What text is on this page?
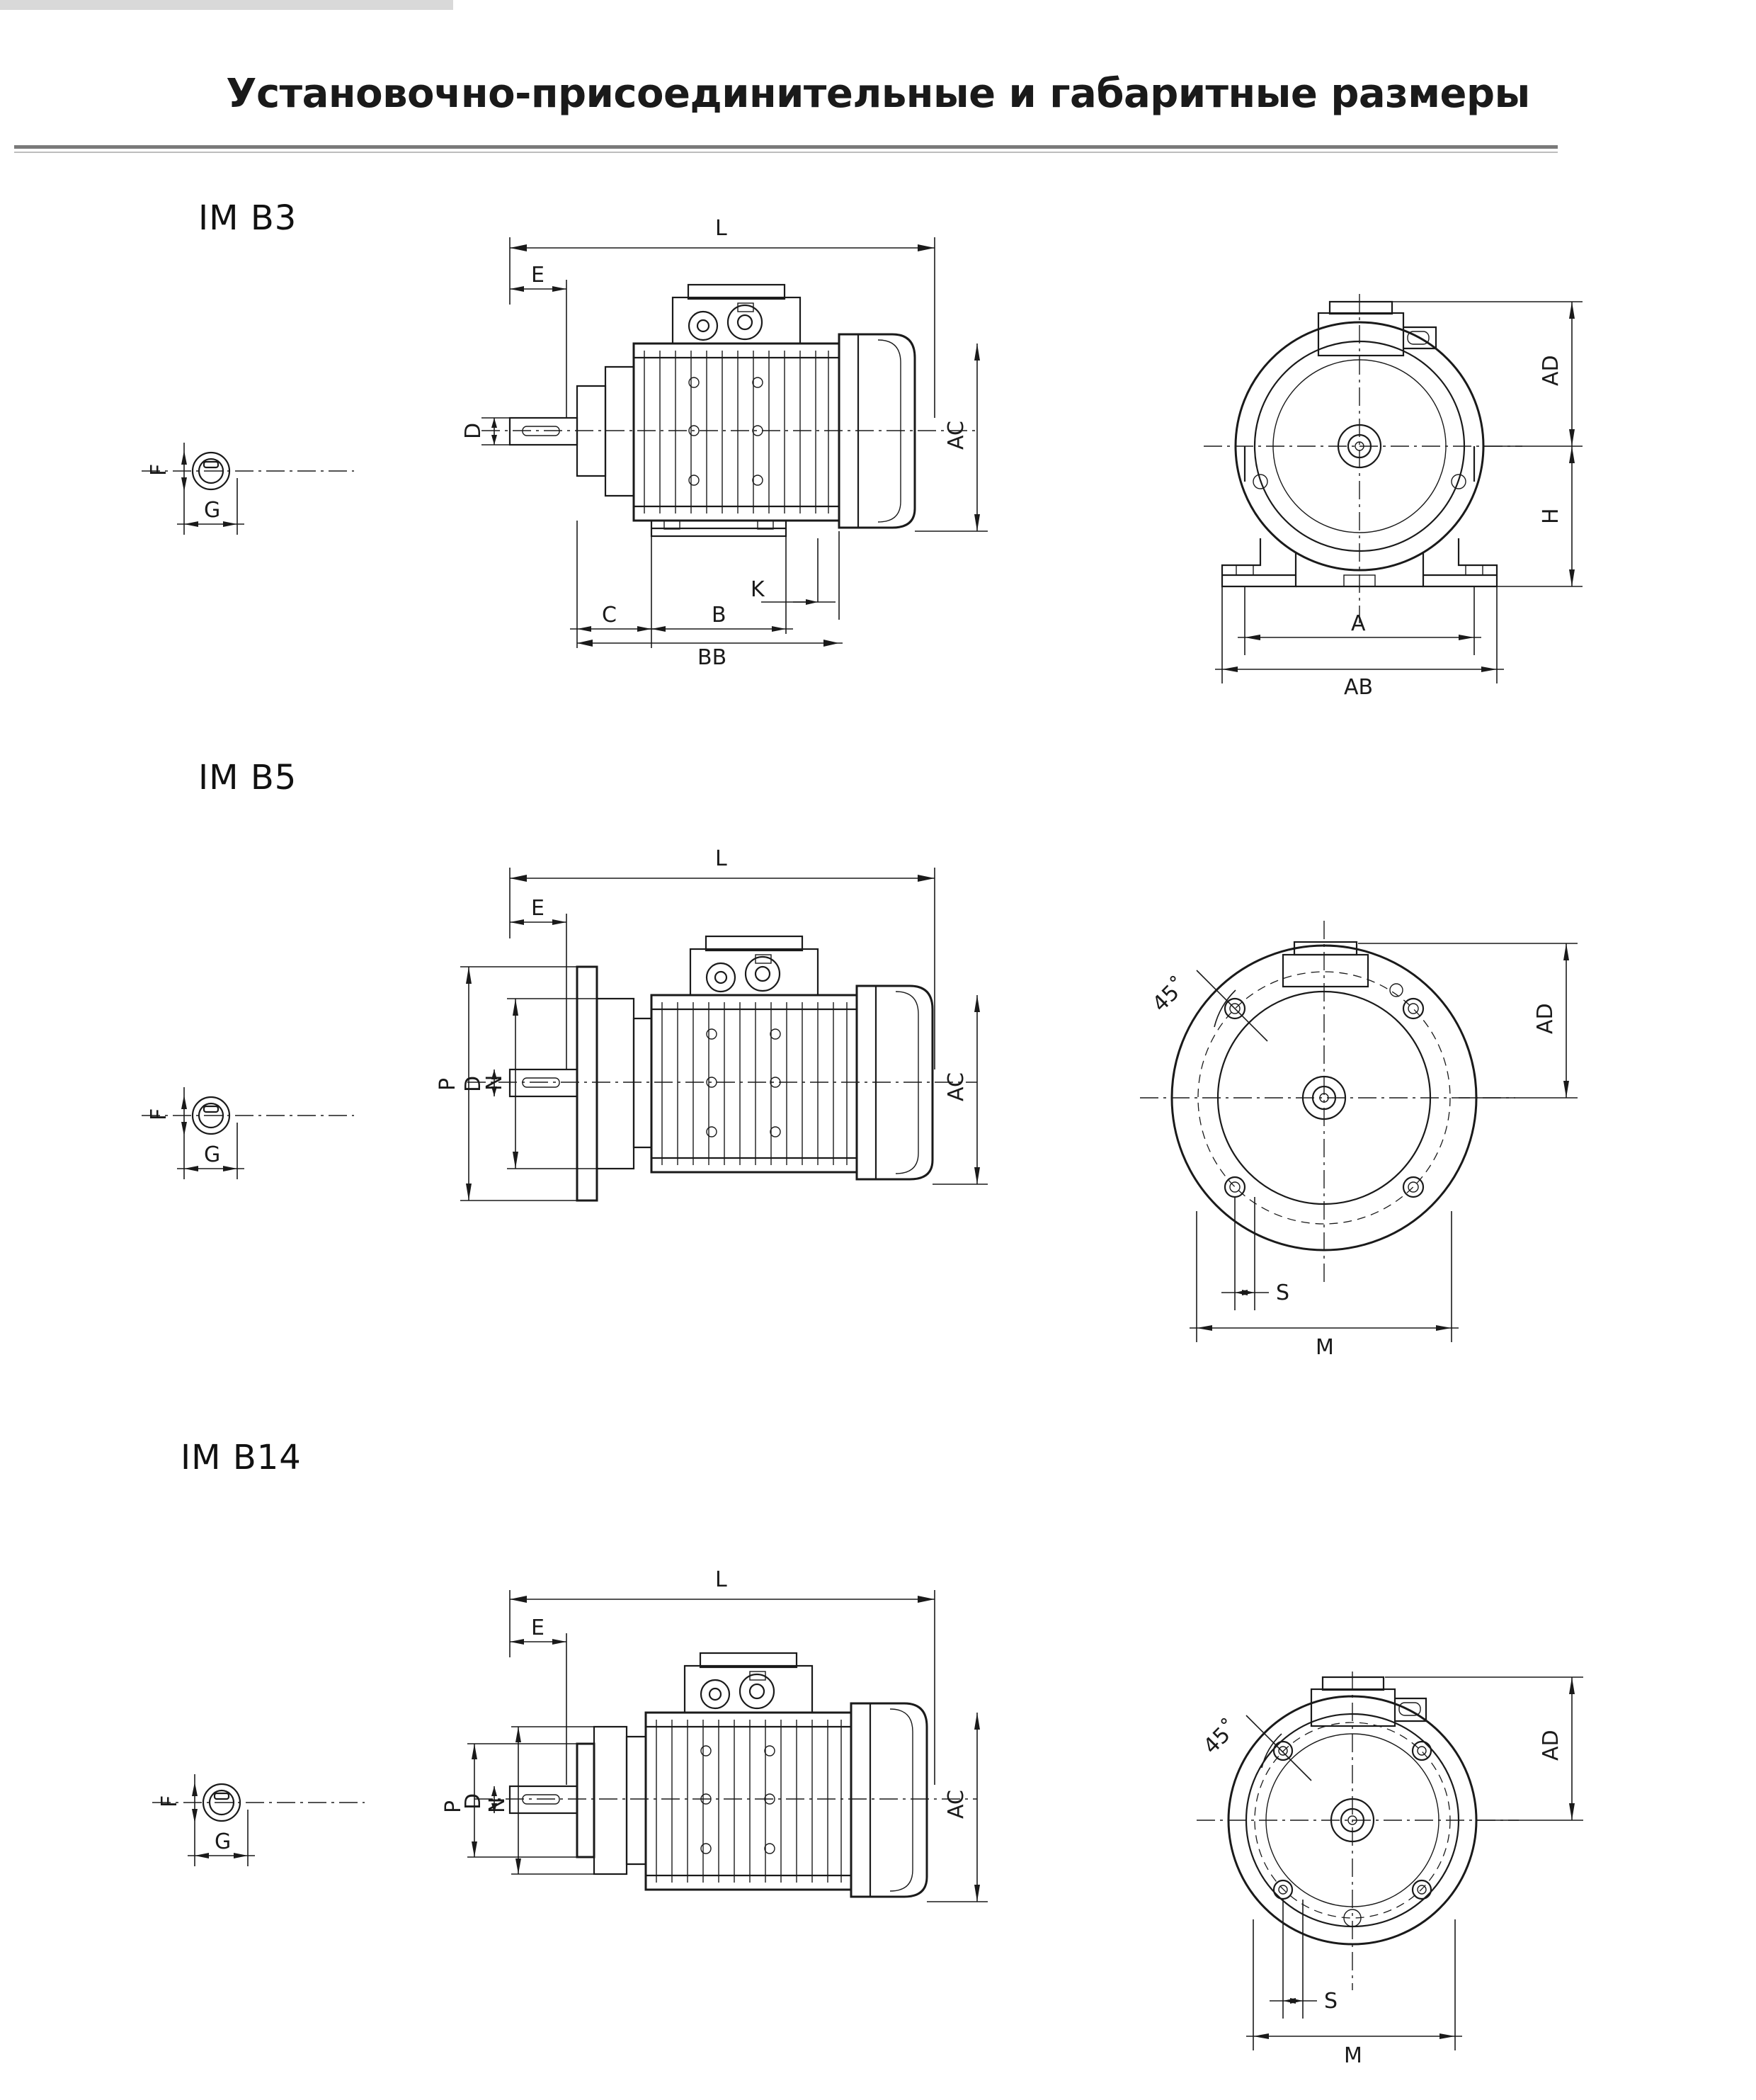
Установочно-присоединительные и габаритные размеры
IM B3
F
G
L
E
D	AC
C	B
K
BB
AD
H
A
AB
IM B5
F
G
L
E
D
P N	AC
45˚
AD
S
M
IM B14
F
G
L
E
D
P N	AC
45˚	AD
S
M
